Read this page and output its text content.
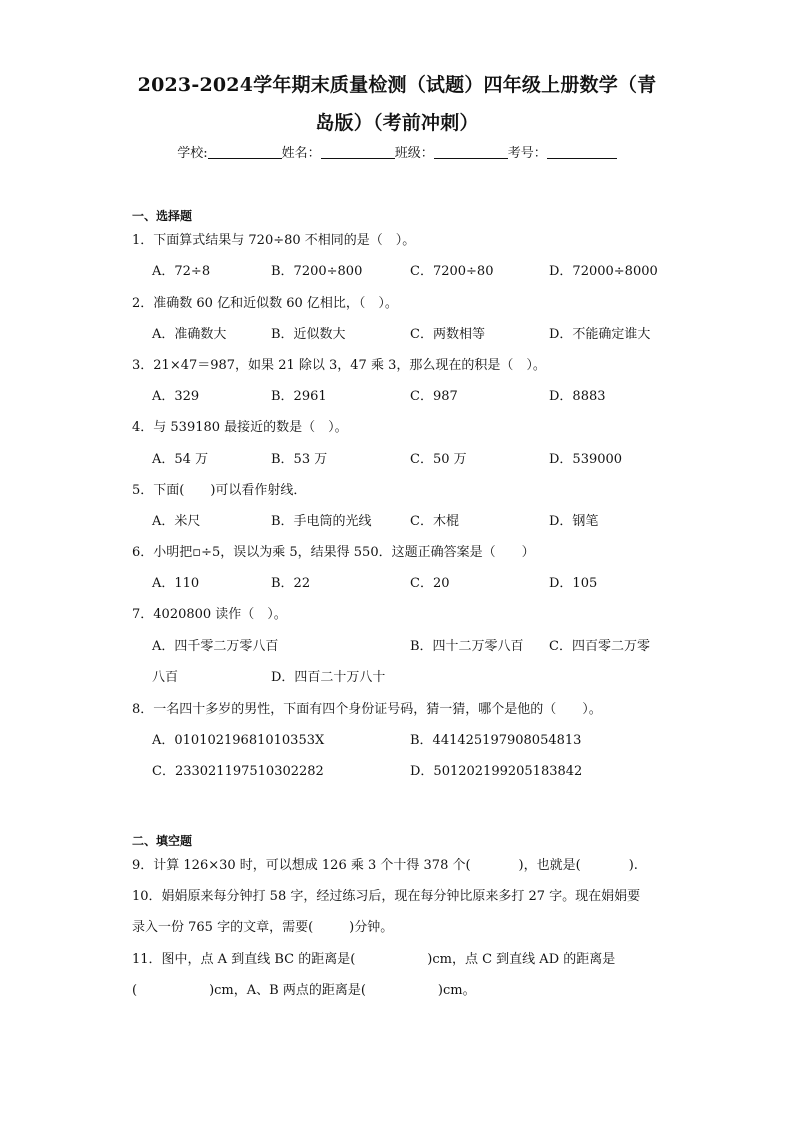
2023-2024学年期末质量检测（试题）四年级上册数学（青
岛版）（考前冲刺）
学校:	姓名：	班级：	考号：
一、选择题
1．下面算式结果与 720÷80 不相同的是（　）。
A．72÷8	B．7200÷800	C．7200÷80	D．72000÷8000
2．准确数 60 亿和近似数 60 亿相比，（　）。
A．准确数大	B．近似数大	C．两数相等	D．不能确定谁大
3．21×47＝987，如果 21 除以 3，47 乘 3，那么现在的积是（　）。
A．329	B．2961	C．987	D．8883
4．与 539180 最接近的数是（　）。
A．54 万	B．53 万	C．50 万	D．539000
5．下面(　　)可以看作射线．
A．米尺	B．手电筒的光线	C．木棍	D．钢笔
6．小明把▫÷5，误以为乘 5，结果得 550．这题正确答案是（　　）
A．110	B．22	C．20	D．105
7．4020800 读作（　）。
A．四千零二万零八百	B．四十二万零八百 C．四百零二万零
八百	D．四百二十万八十
8．一名四十多岁的男性，下面有四个身份证号码，猜一猜，哪个是他的（　　）。
A．01010219681010353X	B．441425197908054813
C．233021197510302282	D．501202199205183842
二、填空题
9．计算 126×30 时，可以想成 126 乘 3 个十得 378 个(	)，也就是(	).
10．娟娟原来每分钟打 58 字，经过练习后，现在每分钟比原来多打 27 字。现在娟娟要
录入一份 765 字的文章，需要(	)分钟。
11．图中，点 A 到直线 BC 的距离是(	)cm，点 C 到直线 AD 的距离是
(	)cm，A、B 两点的距离是(	)cm。
